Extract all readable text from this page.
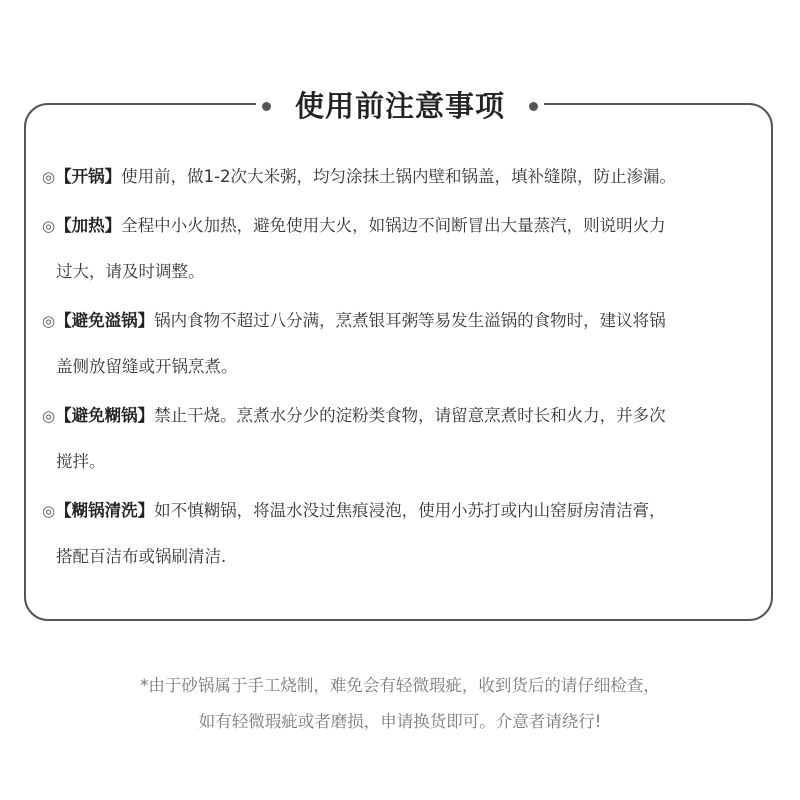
使用前注意事项
◎【开锅】使用前，做1-2次大米粥，均匀涂抹土锅内壁和锅盖，填补缝隙，防止渗漏。
◎【加热】全程中小火加热，避免使用大火，如锅边不间断冒出大量蒸汽，则说明火力
过大，请及时调整。
◎【避免溢锅】锅内食物不超过八分满，烹煮银耳粥等易发生溢锅的食物时，建议将锅
盖侧放留缝或开锅烹煮。
◎【避免糊锅】禁止干烧。烹煮水分少的淀粉类食物，请留意烹煮时长和火力，并多次
搅拌。
◎【糊锅清洗】如不慎糊锅，将温水没过焦痕浸泡，使用小苏打或内山窑厨房清洁膏，
搭配百洁布或锅刷清洁.
*由于砂锅属于手工烧制，难免会有轻微瑕疵，收到货后的请仔细检查，
如有轻微瑕疵或者磨损，申请换货即可。介意者请绕行!
